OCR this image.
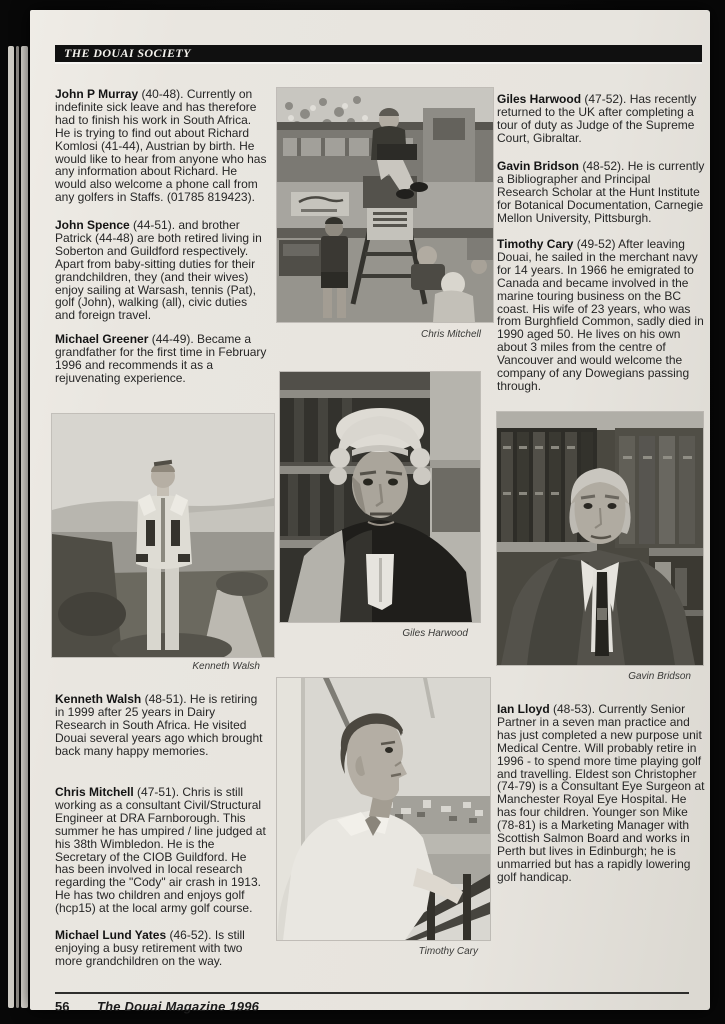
THE DOUAI SOCIETY

John P Murray (40-48). Currently on indefinite sick leave and has therefore had to finish his work in South Africa. He is trying to find out about Richard Komlosi (41-44), Austrian by birth. He would like to hear from anyone who has any information about Richard. He would also welcome a phone call from any golfers in Staffs. (01785 819423).

John Spence (44-51). and brother Patrick (44-48) are both retired living in Soberton and Guildford respectively. Apart from baby-sitting duties for their grandchildren, they (and their wives) enjoy sailing at Warsash, tennis (Pat), golf (John), walking (all), civic duties and foreign travel.

Michael Greener (44-49). Became a grandfather for the first time in February 1996 and recommends it as a rejuvenating experience.

Giles Harwood (47-52). Has recently returned to the UK after completing a tour of duty as Judge of the Supreme Court, Gibraltar.

Gavin Bridson (48-52). He is currently a Bibliographer and Principal Research Scholar at the Hunt Institute for Botanical Documentation, Carnegie Mellon University, Pittsburgh.

Timothy Cary (49-52) After leaving Douai, he sailed in the merchant navy for 14 years. In 1966 he emigrated to Canada and became involved in the marine touring business on the BC coast. His wife of 23 years, who was from Burghfield Common, sadly died in 1990 aged 50. He lives on his own about 3 miles from the centre of Vancouver and would welcome the company of any Dowegians passing through.

Chris Mitchell
Kenneth Walsh
Giles Harwood
Gavin Bridson

Kenneth Walsh (48-51). He is retiring in 1999 after 25 years in Dairy Research in South Africa. He visited Douai several years ago which brought back many happy memories.

Chris Mitchell (47-51). Chris is still working as a consultant Civil/Structural Engineer at DRA Farnborough. This summer he has umpired / line judged at his 38th Wimbledon. He is the Secretary of the CIOB Guildford. He has been involved in local research regarding the "Cody" air crash in 1913. He has two children and enjoys golf (hcp15) at the local army golf course.

Michael Lund Yates (46-52). Is still enjoying a busy retirement with two more grandchildren on the way.

Timothy Cary

Ian Lloyd (48-53). Currently Senior Partner in a seven man practice and has just completed a new purpose unit Medical Centre. Will probably retire in 1996 - to spend more time playing golf and travelling. Eldest son Christopher (74-79) is a Consultant Eye Surgeon at Manchester Royal Eye Hospital. He has four children. Younger son Mike (78-81) is a Marketing Manager with Scottish Salmon Board and works in Perth but lives in Edinburgh; he is unmarried but has a rapidly lowering golf handicap.

56	The Douai Magazine 1996
